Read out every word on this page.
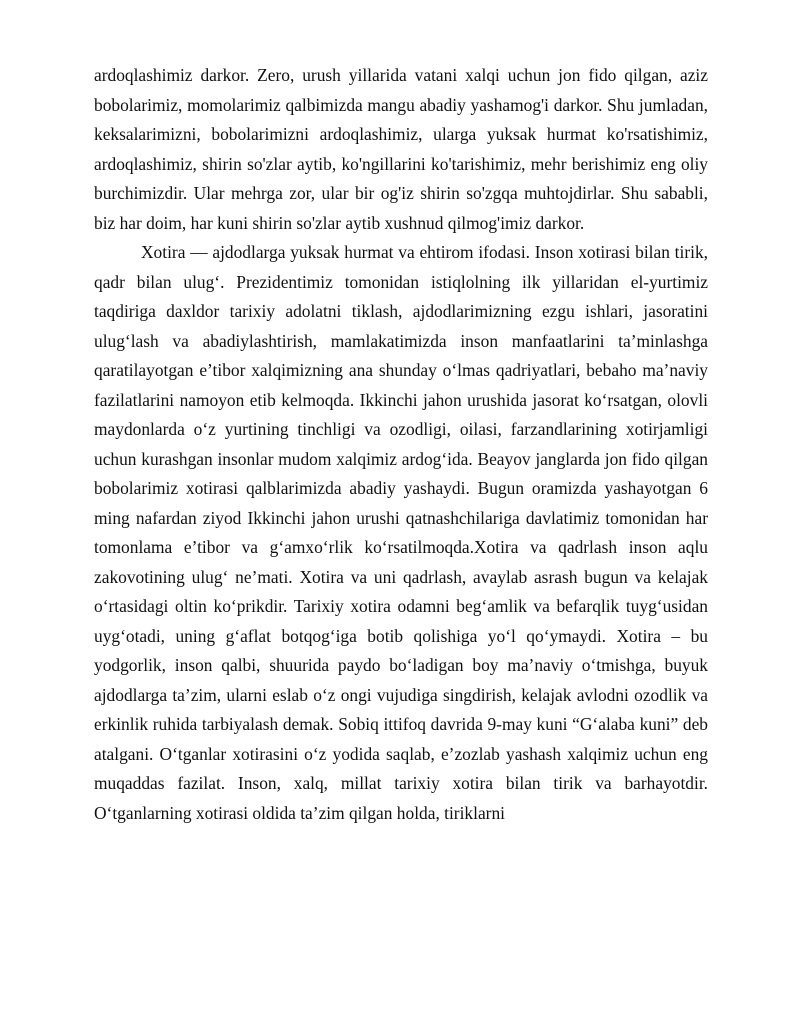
ardoqlashimiz darkor. Zero, urush yillarida vatani xalqi uchun jon fido qilgan, aziz bobolarimiz, momolarimiz qalbimizda mangu abadiy yashamog'i darkor. Shu jumladan, keksalarimizni, bobolarimizni ardoqlashimiz, ularga yuksak hurmat ko'rsatishimiz, ardoqlashimiz, shirin so'zlar aytib, ko'ngillarini ko'tarishimiz, mehr berishimiz eng oliy burchimizdir. Ular mehrga zor, ular bir og'iz shirin so'zgqa muhtojdirlar. Shu sababli, biz har doim, har kuni shirin so'zlar aytib xushnud qilmog'imiz darkor.

Xotira — ajdodlarga yuksak hurmat va ehtirom ifodasi. Inson xotirasi bilan tirik, qadr bilan ulug‘. Prezidentimiz tomonidan istiqlolning ilk yillaridan el-yurtimiz taqdiriga daxldor tarixiy adolatni tiklash, ajdodlarimizning ezgu ishlari, jasoratini ulug‘lash va abadiylashtirish, mamlakatimizda inson manfaatlarini ta’minlashga qaratilayotgan e’tibor xalqimizning ana shunday o‘lmas qadriyatlari, bebaho ma’naviy fazilatlarini namoyon etib kelmoqda. Ikkinchi jahon urushida jasorat ko‘rsatgan, olovli maydonlarda o‘z yurtining tinchligi va ozodligi, oilasi, farzandlarining xotirjamligi uchun kurashgan insonlar mudom xalqimiz ardog‘ida. Beayov janglarda jon fido qilgan bobolarimiz xotirasi qalblarimizda abadiy yashaydi. Bugun oramizda yashayotgan 6 ming nafardan ziyod Ikkinchi jahon urushi qatnashchilariga davlatimiz tomonidan har tomonlama e’tibor va g‘amxo‘rlik ko‘rsatilmoqda.Xotira va qadrlash inson aqlu zakovotining ulug‘ ne’mati. Xotira va uni qadrlash, avaylab asrash bugun va kelajak o‘rtasidagi oltin ko‘prikdir. Tarixiy xotira odamni beg‘amlik va befarqlik tuyg‘usidan uyg‘otadi, uning g‘aflat botqog‘iga botib qolishiga yo‘l qo‘ymaydi. Xotira – bu yodgorlik, inson qalbi, shuurida paydo bo‘ladigan boy ma’naviy o‘tmishga, buyuk ajdodlarga ta’zim, ularni eslab o‘z ongi vujudiga singdirish, kelajak avlodni ozodlik va erkinlik ruhida tarbiyalash demak. Sobiq ittifoq davrida 9-may kuni “G‘alaba kuni” deb atalgani. O‘tganlar xotirasini o‘z yodida saqlab, e’zozlab yashash xalqimiz uchun eng muqaddas fazilat. Inson, xalq, millat tarixiy xotira bilan tirik va barhayotdir. O‘tganlarning xotirasi oldida ta’zim qilgan holda, tiriklarni
